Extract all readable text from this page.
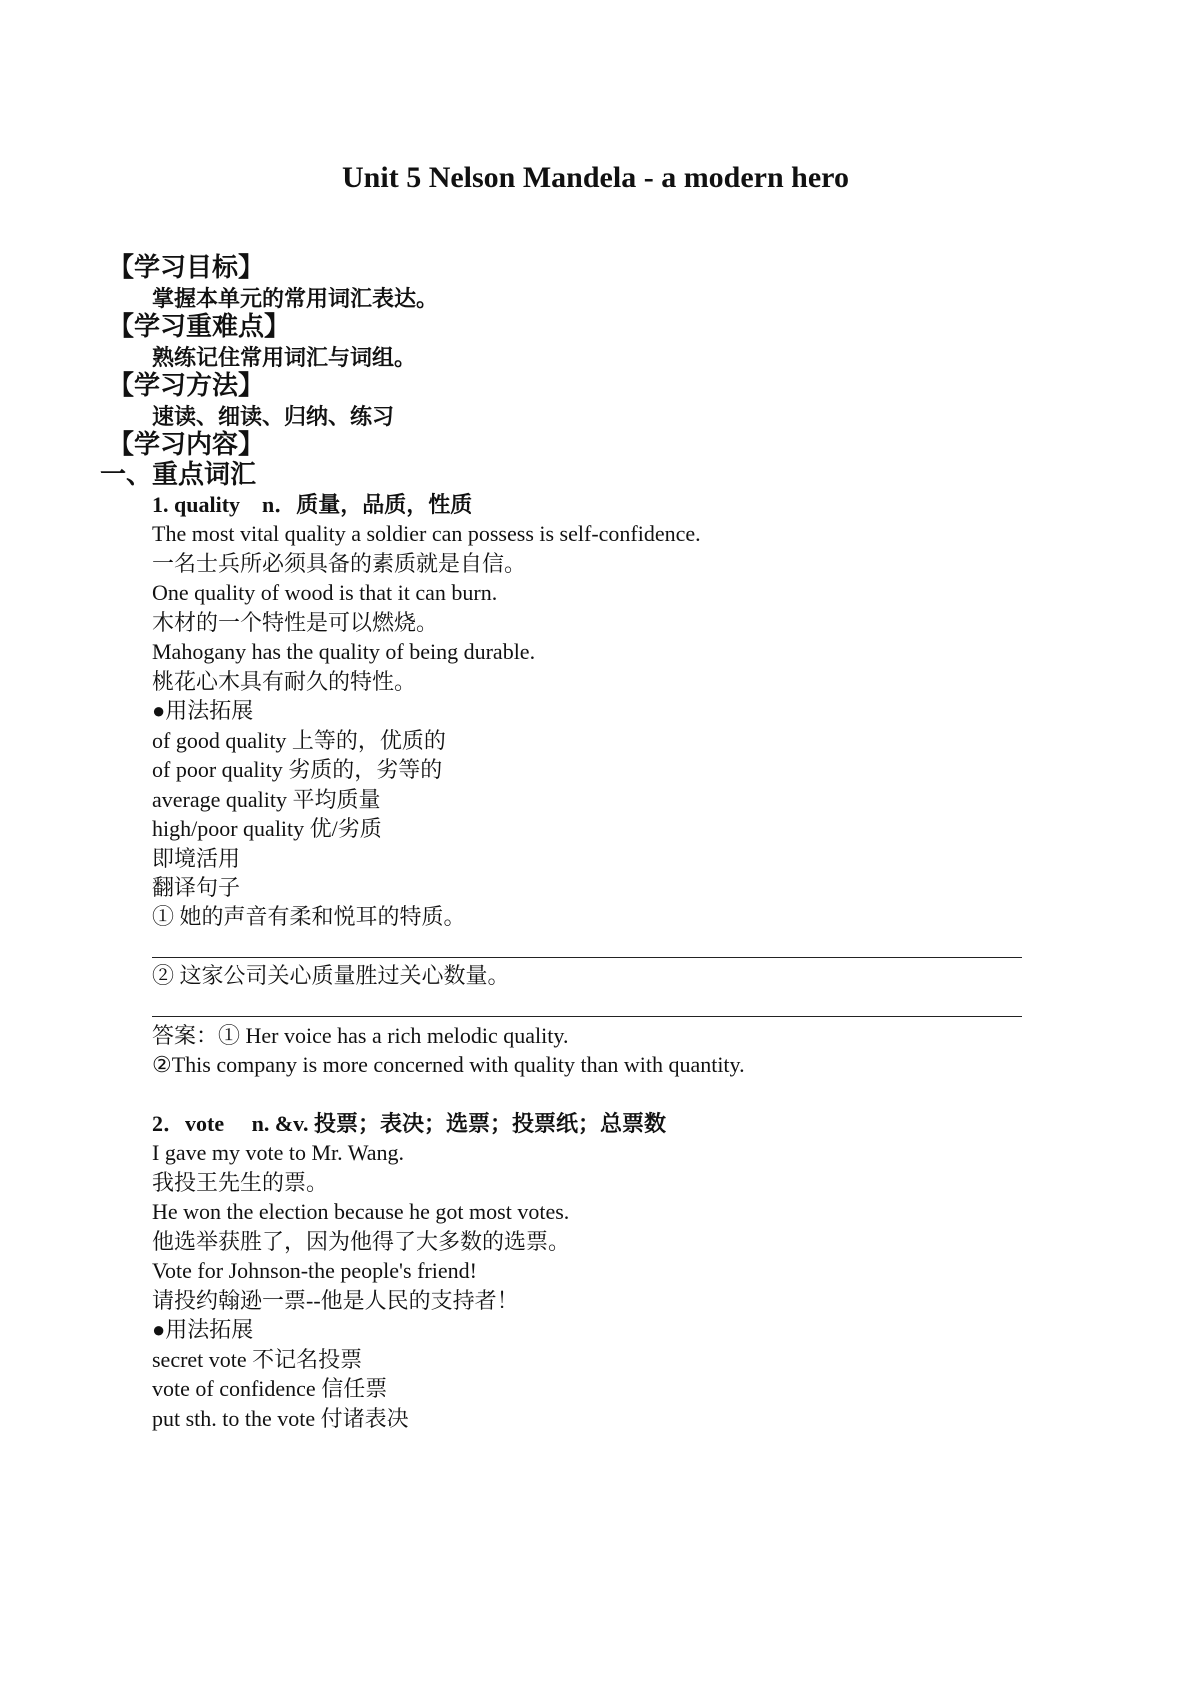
Unit 5 Nelson Mandela - a modern hero
【学习目标】
掌握本单元的常用词汇表达。
【学习重难点】
熟练记住常用词汇与词组。
【学习方法】
速读、细读、归纳、练习
【学习内容】
一、重点词汇
1. quality　n．质量，品质，性质
The most vital quality a soldier can possess is self-confidence.
一名士兵所必须具备的素质就是自信。
One quality of wood is that it can burn.
木材的一个特性是可以燃烧。
Mahogany has the quality of being durable.
桃花心木具有耐久的特性。
●用法拓展
of good quality 上等的，优质的
of poor quality 劣质的，劣等的
average quality 平均质量
high/poor quality 优/劣质
即境活用
翻译句子
① 她的声音有柔和悦耳的特质。
② 这家公司关心质量胜过关心数量。
答案：① Her voice has a rich melodic quality.
②This company is more concerned with quality than with quantity.
2．vote　 n. &v. 投票；表决；选票；投票纸；总票数
I gave my vote to Mr. Wang.
我投王先生的票。
He won the election because he got most votes.
他选举获胜了，因为他得了大多数的选票。
Vote for Johnson-the people's friend!
请投约翰逊一票--他是人民的支持者！
●用法拓展
secret vote 不记名投票
vote of confidence 信任票
put sth. to the vote 付诸表决
